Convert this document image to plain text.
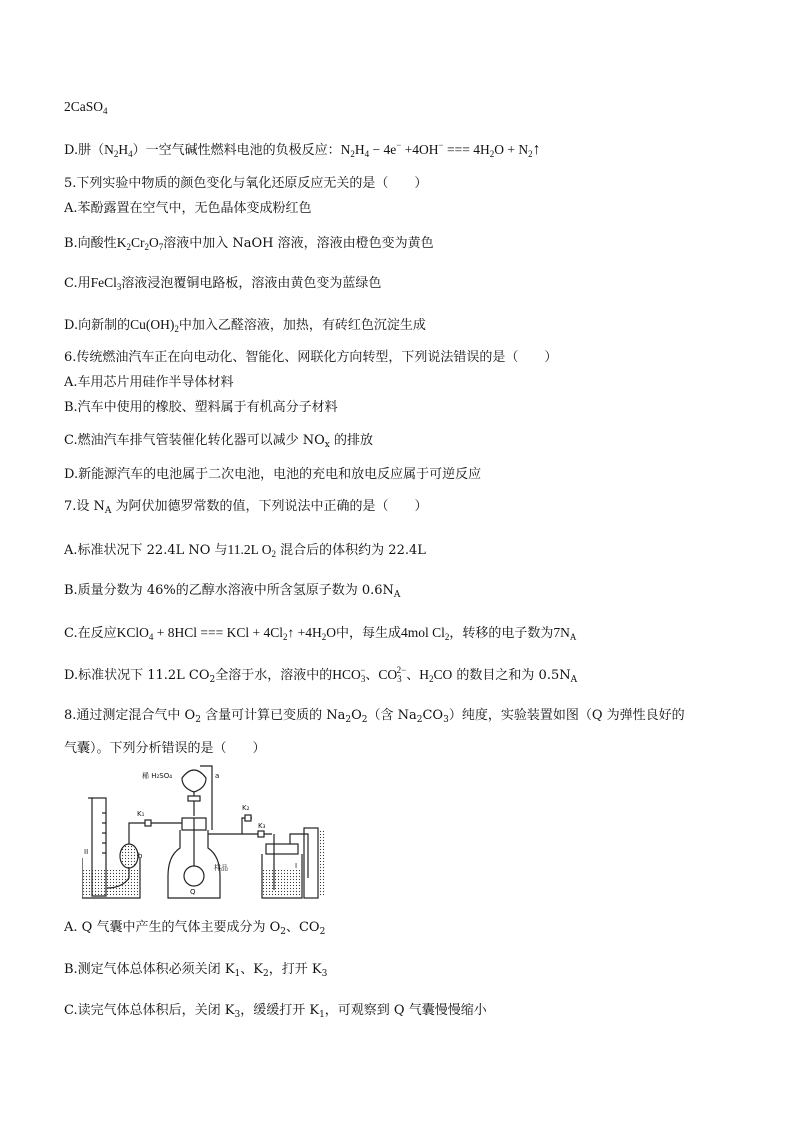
2CaSO$_4$
D.肼$(N_2H_4)$一空气碱性燃料电池的负极反应：$N_2H_4 - 4e^- +4OH^-$ === $4H_2O$ + $N_2↑$
5.下列实验中物质的颜色变化与氧化还原反应无关的是（　　）
A.苯酚露置在空气中，无色晶体变成粉红色
B.向酸性$K_2Cr_2O_7$溶液中加入 NaOH 溶液，溶液由橙色变为黄色
C.用FeCl$_3$溶液浸泡覆铜电路板，溶液由黄色变为蓝绿色
D.向新制的$Cu(OH)_2$中加入乙醛溶液，加热，有砖红色沉淀生成
6.传统燃油汽车正在向电动化、智能化、网联化方向转型，下列说法错误的是（　　）
A.车用芯片用硅作半导体材料
B.汽车中使用的橡胶、塑料属于有机高分子材料
C.燃油汽车排气管装催化转化器可以减少 $NO_x$ 的排放
D.新能源汽车的电池属于二次电池，电池的充电和放电反应属于可逆反应
7.设 $N_A$ 为阿伏加德罗常数的值，下列说法中正确的是（　　）
A.标准状况下 22.4L NO 与11.2L $O_2$ 混合后的体积约为 22.4L
B.质量分数为 46%的乙醇水溶液中所含氢原子数为 $0.6N_A$
C.在反应KClO$_4$ + 8HCl === KCl + $4Cl_2↑ +4H_2O$中，每生成4mol $Cl_2$，转移的电子数为$7N_A$
D.标准状况下 11.2L $CO_2$全溶于水，溶液中的$HCO_3^-$、$CO_3^{2-}$、$H_2CO$ 的数目之和为 $0.5N_A$
8.通过测定混合气中 $O_2$ 含量可计算已变质的 $Na_2O_2$（含 $Na_2CO_3$）纯度，实验装置如图（Q 为弹性良好的
气囊）。下列分析错误的是（　　）
稀 H₂SO₄	a
b
K₁
K₂
K₃
样品
Q
I
II
A. Q 气囊中产生的气体主要成分为 $O_2$、$CO_2$
B.测定气体总体积必须关闭 $K_1$、$K_2$，打开 $K_3$
C.读完气体总体积后，关闭 $K_3$，缓缓打开 $K_1$，可观察到 Q 气囊慢慢缩小
